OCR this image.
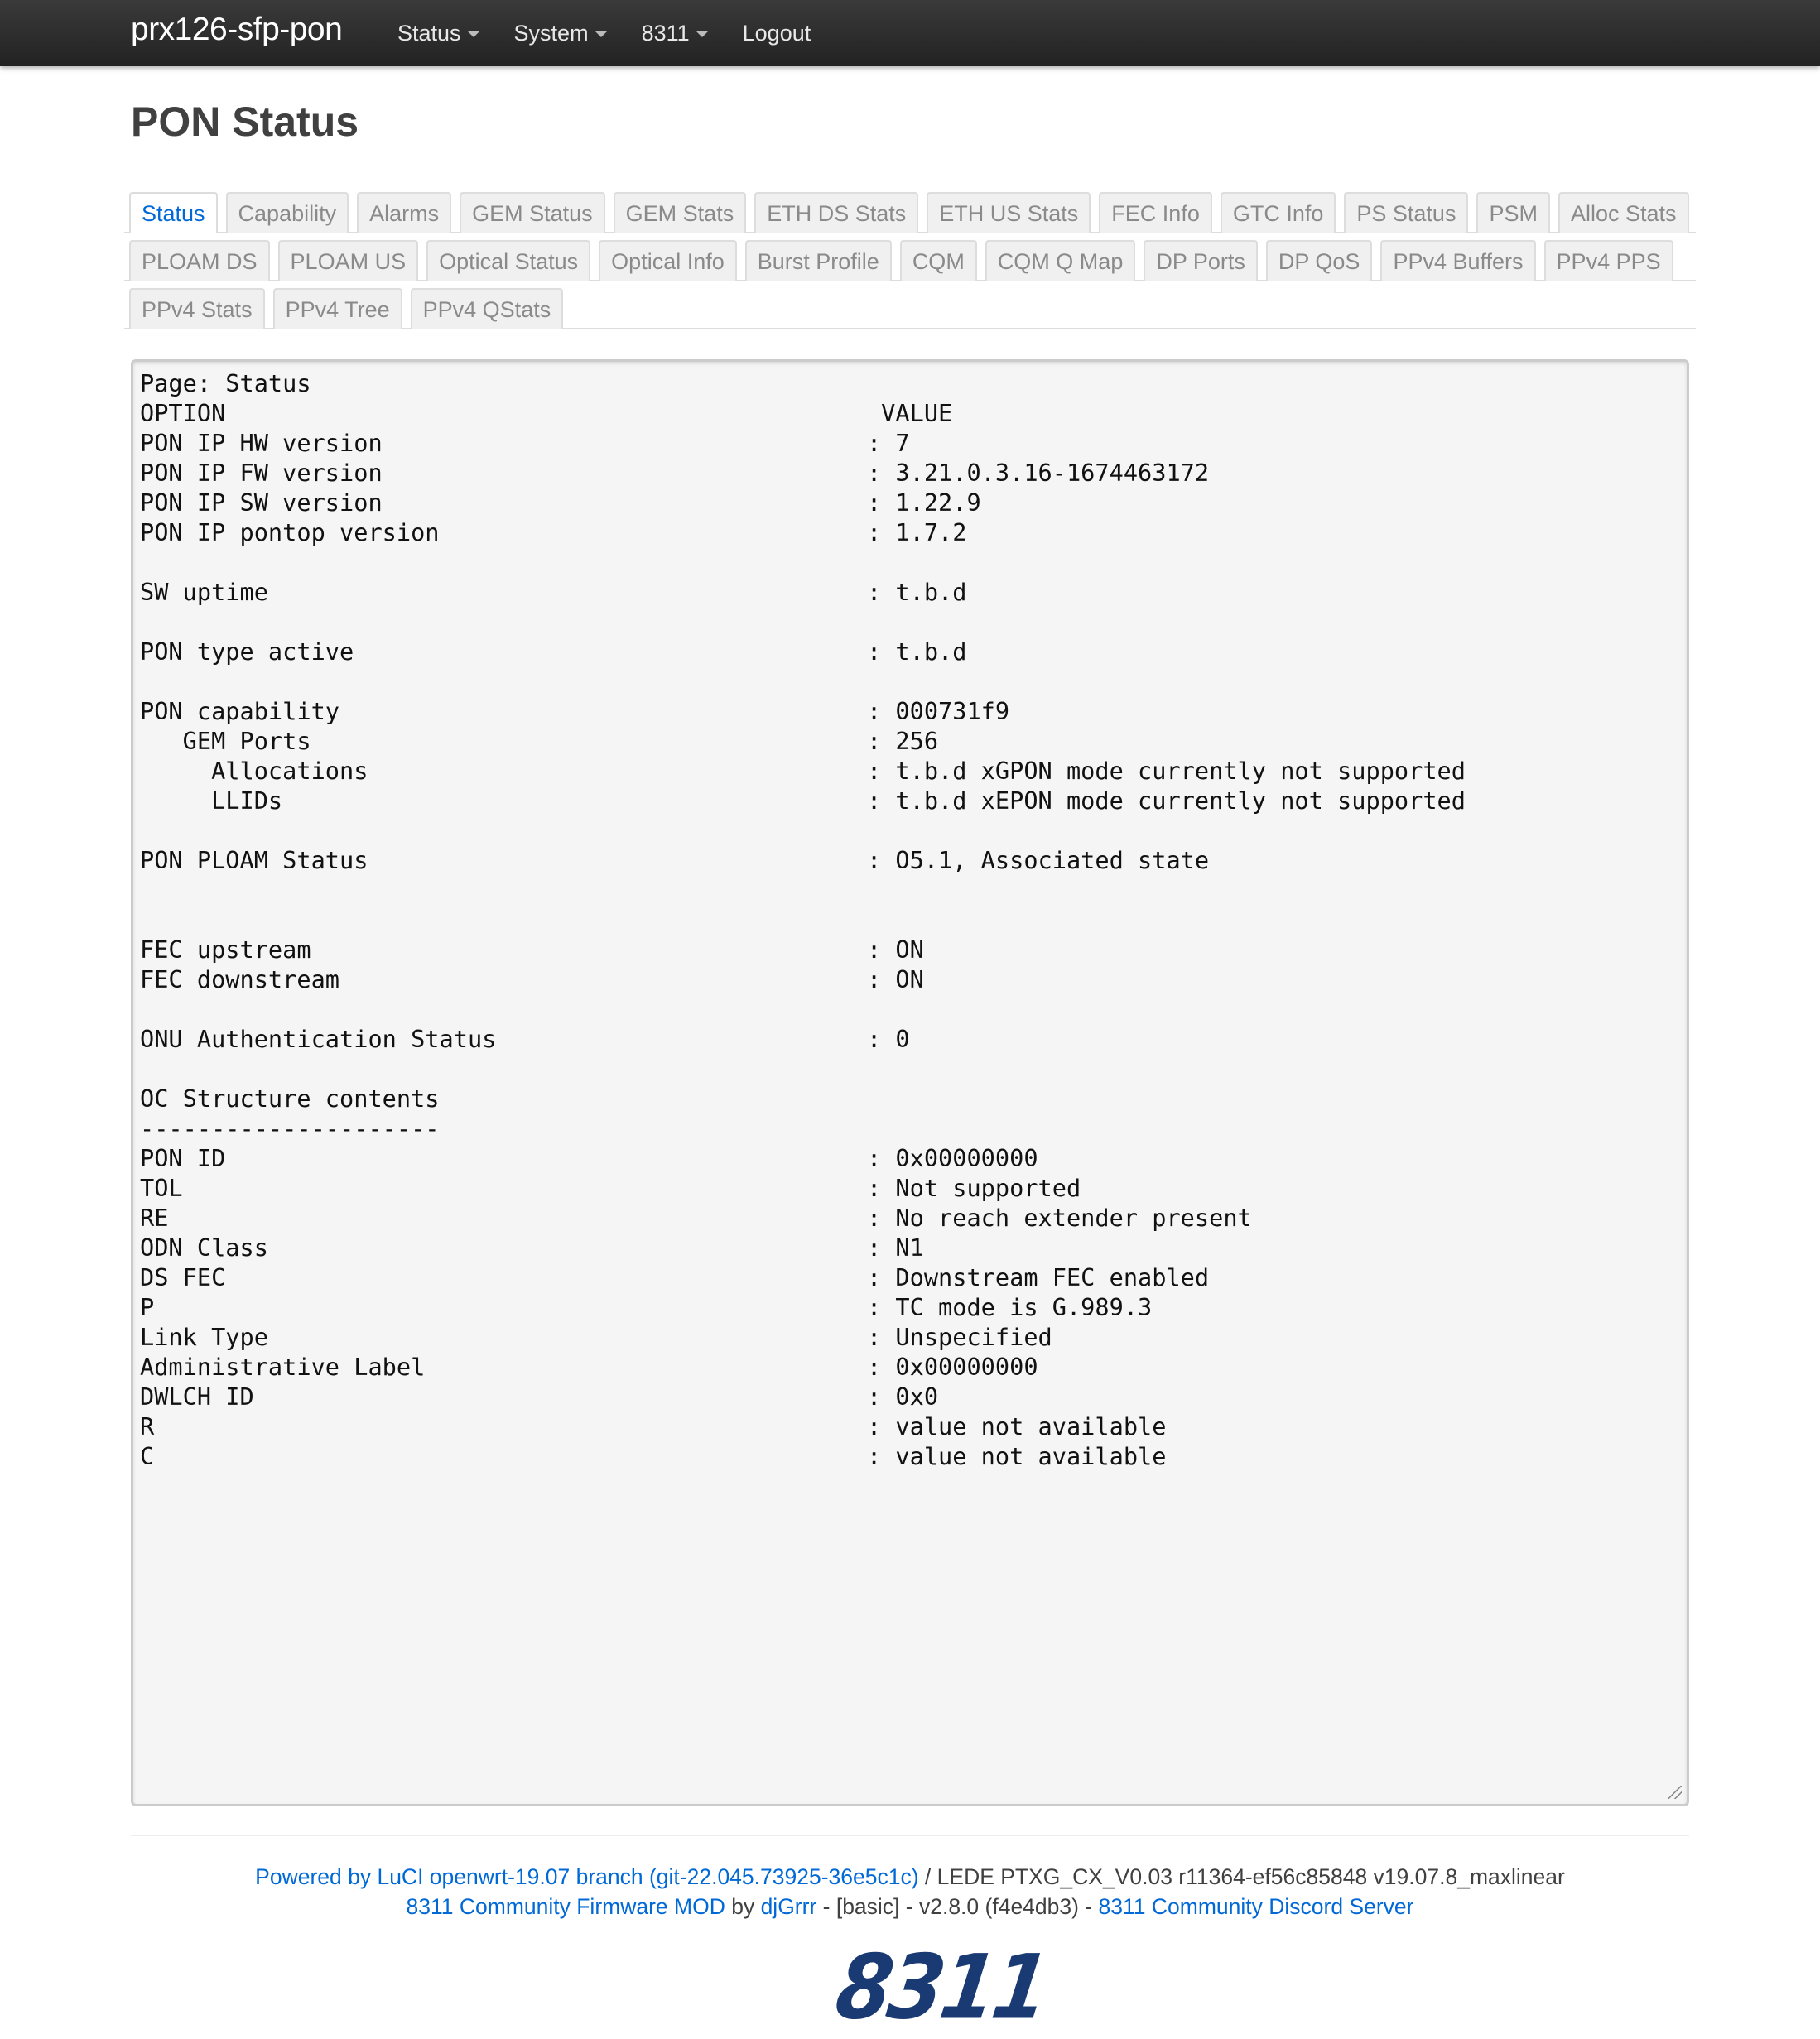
prx126-sfp-pon Status System 8311 Logout
PON Status
Status	Capability	Alarms	GEM Status	GEM Stats	ETH DS Stats	ETH US Stats	FEC Info	GTC Info	PS Status	PSM	Alloc Stats
PLOAM DS	PLOAM US	Optical Status	Optical Info	Burst Profile	CQM	CQM Q Map	DP Ports	DP QoS	PPv4 Buffers	PPv4 PPS
PPv4 Stats	PPv4 Tree	PPv4 QStats
Page: Status
OPTION                                              VALUE
PON IP HW version                                  : 7
PON IP FW version                                  : 3.21.0.3.16-1674463172
PON IP SW version                                  : 1.22.9
PON IP pontop version                              : 1.7.2

SW uptime                                          : t.b.d

PON type active                                    : t.b.d

PON capability                                     : 000731f9
GEM Ports                                       : 256
Allocations                                   : t.b.d xGPON mode currently not supported
LLIDs                                         : t.b.d xEPON mode currently not supported

PON PLOAM Status                                   : O5.1, Associated state

FEC upstream                                       : ON
FEC downstream                                     : ON

ONU Authentication Status                          : 0

OC Structure contents
---------------------
PON ID                                             : 0x00000000
TOL                                                : Not supported
RE                                                 : No reach extender present
ODN Class                                          : N1
DS FEC                                             : Downstream FEC enabled
P                                                  : TC mode is G.989.3
Link Type                                          : Unspecified
Administrative Label                               : 0x00000000
DWLCH ID                                           : 0x0
R                                                  : value not available
C                                                  : value not available
Powered by LuCI openwrt-19.07 branch (git-22.045.73925-36e5c1c) / LEDE PTXG_CX_V0.03 r11364-ef56c85848 v19.07.8_maxlinear
8311 Community Firmware MOD by djGrrr - [basic] - v2.8.0 (f4e4db3) - 8311 Community Discord Server
8311
